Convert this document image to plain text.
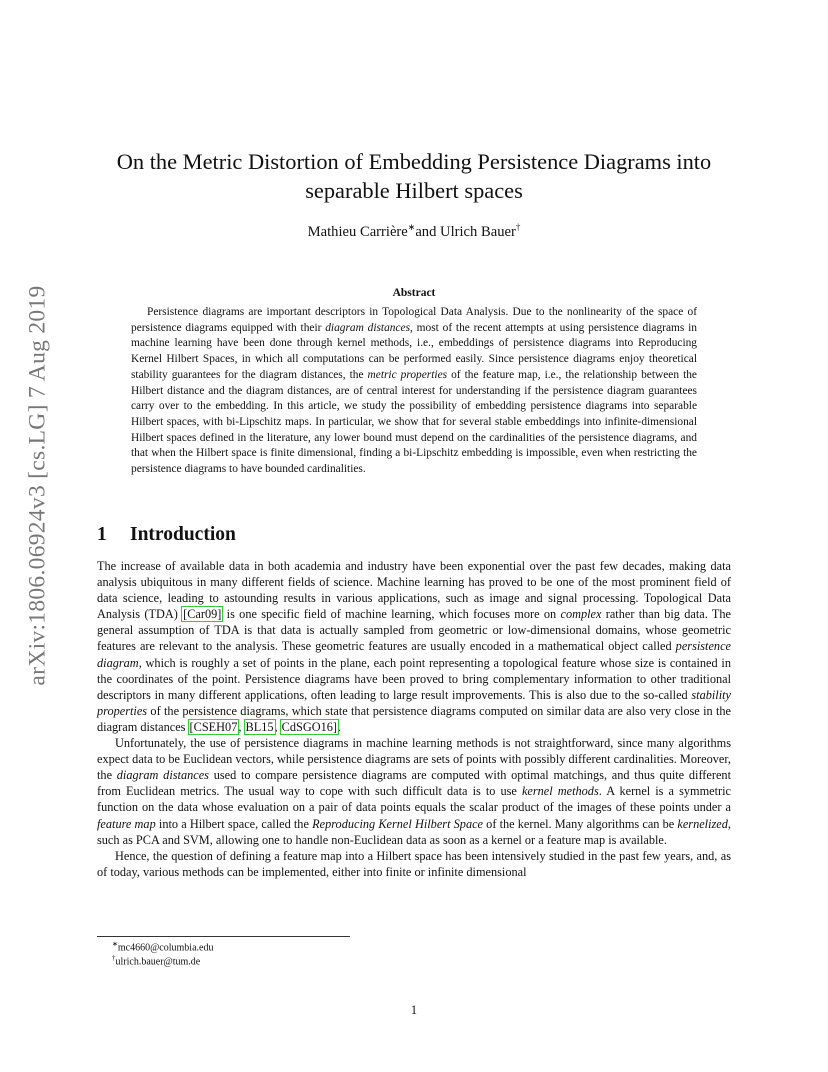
arXiv:1806.06924v3 [cs.LG] 7 Aug 2019
On the Metric Distortion of Embedding Persistence Diagrams into
separable Hilbert spaces
Mathieu Carrière∗and Ulrich Bauer†
Abstract
Persistence diagrams are important descriptors in Topological Data Analysis. Due to the nonlinearity of the space of persistence diagrams equipped with their diagram distances, most of the recent attempts at using persistence diagrams in machine learning have been done through kernel methods, i.e., embeddings of persistence diagrams into Reproducing Kernel Hilbert Spaces, in which all computations can be performed easily. Since persistence diagrams enjoy theoretical stability guarantees for the diagram distances, the metric properties of the feature map, i.e., the relationship between the Hilbert distance and the diagram distances, are of central interest for understanding if the persistence diagram guarantees carry over to the embedding. In this article, we study the possibility of embedding persistence diagrams into separable Hilbert spaces, with bi-Lipschitz maps. In particular, we show that for several stable embeddings into infinite-dimensional Hilbert spaces defined in the literature, any lower bound must depend on the cardinalities of the persistence diagrams, and that when the Hilbert space is finite dimensional, finding a bi-Lipschitz embedding is impossible, even when restricting the persistence diagrams to have bounded cardinalities.
1 Introduction

The increase of available data in both academia and industry have been exponential over the past few decades, making data analysis ubiquitous in many different fields of science. Machine learning has proved to be one of the most prominent field of data science, leading to astounding results in various applications, such as image and signal processing. Topological Data Analysis (TDA) [Car09] is one specific field of machine learning, which focuses more on complex rather than big data. The general assumption of TDA is that data is actually sampled from geometric or low-dimensional domains, whose geometric features are relevant to the analysis. These geometric features are usually encoded in a mathematical object called persistence diagram, which is roughly a set of points in the plane, each point representing a topological feature whose size is contained in the coordinates of the point. Persistence diagrams have been proved to bring complementary information to other traditional descriptors in many different applications, often leading to large result improvements. This is also due to the so-called stability properties of the persistence diagrams, which state that persistence diagrams computed on similar data are also very close in the diagram distances [CSEH07, BL15, CdSGO16].

Unfortunately, the use of persistence diagrams in machine learning methods is not straightforward, since many algorithms expect data to be Euclidean vectors, while persistence diagrams are sets of points with possibly different cardinalities. Moreover, the diagram distances used to compare persistence diagrams are computed with optimal matchings, and thus quite different from Euclidean metrics. The usual way to cope with such difficult data is to use kernel methods. A kernel is a symmetric function on the data whose evaluation on a pair of data points equals the scalar product of the images of these points under a feature map into a Hilbert space, called the Reproducing Kernel Hilbert Space of the kernel. Many algorithms can be kernelized, such as PCA and SVM, allowing one to handle non-Euclidean data as soon as a kernel or a feature map is available.

Hence, the question of defining a feature map into a Hilbert space has been intensively studied in the past few years, and, as of today, various methods can be implemented, either into finite or infinite dimensional

∗mc4660@columbia.edu
†ulrich.bauer@tum.de
1
